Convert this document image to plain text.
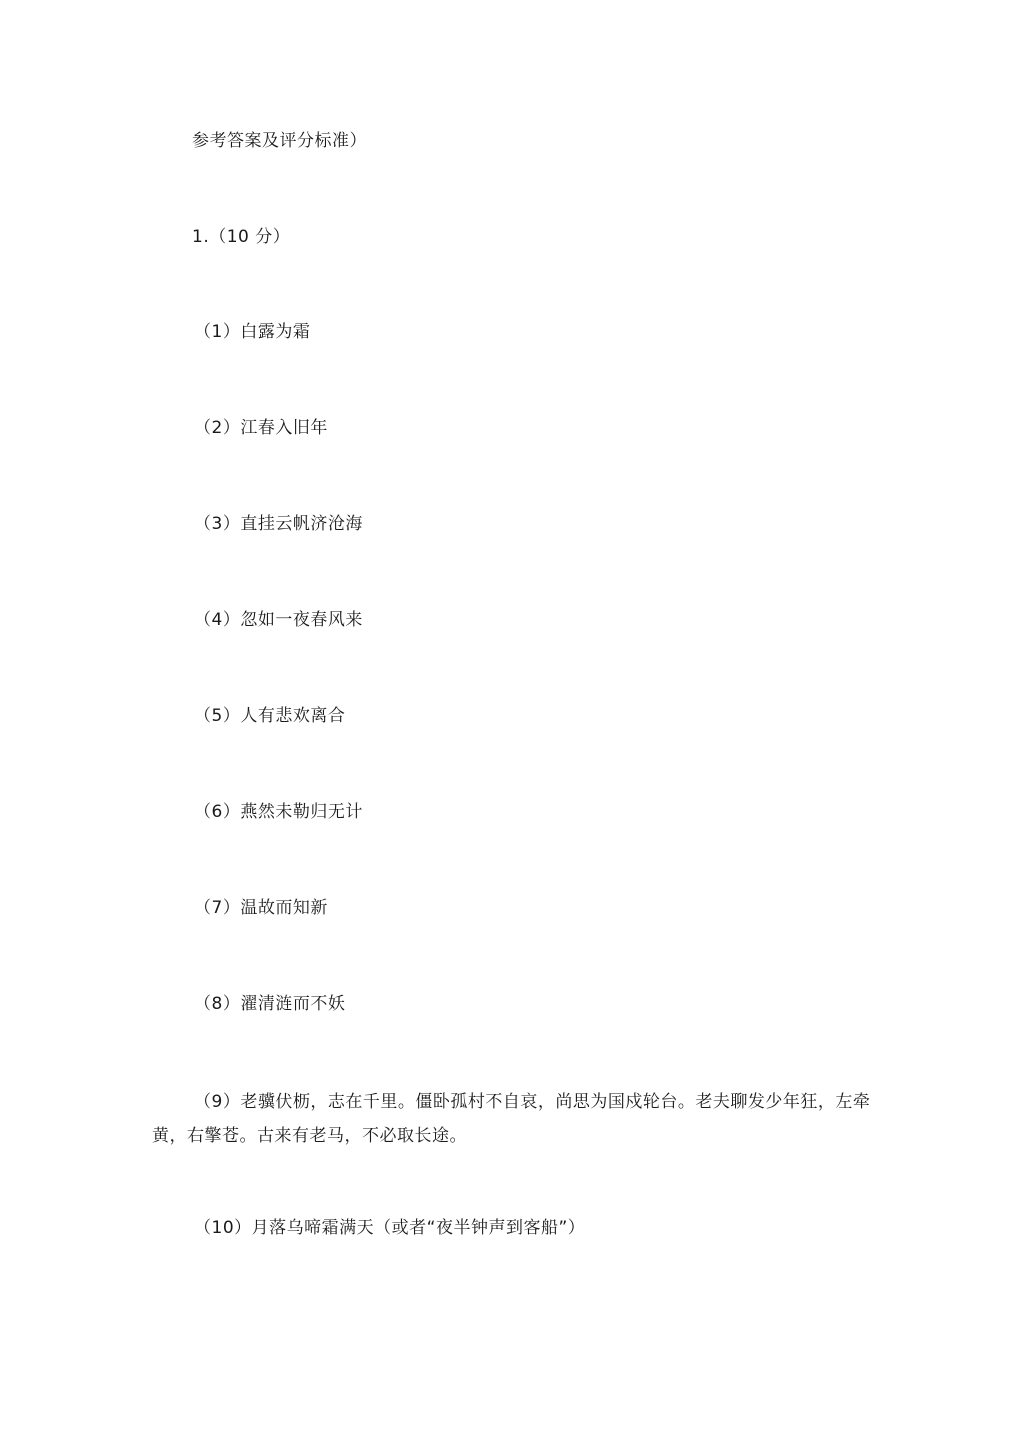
参考答案及评分标准）
1.（10 分）
（1）白露为霜
（2）江春入旧年
（3）直挂云帆济沧海
（4）忽如一夜春风来
（5）人有悲欢离合
（6）燕然未勒归无计
（7）温故而知新
（8）濯清涟而不妖
（9）老骥伏枥，志在千里。僵卧孤村不自哀，尚思为国戍轮台。老夫聊发少年狂，左牵黄，右擎苍。古来有老马，不必取长途。
（10）月落乌啼霜满天（或者“夜半钟声到客船”）
